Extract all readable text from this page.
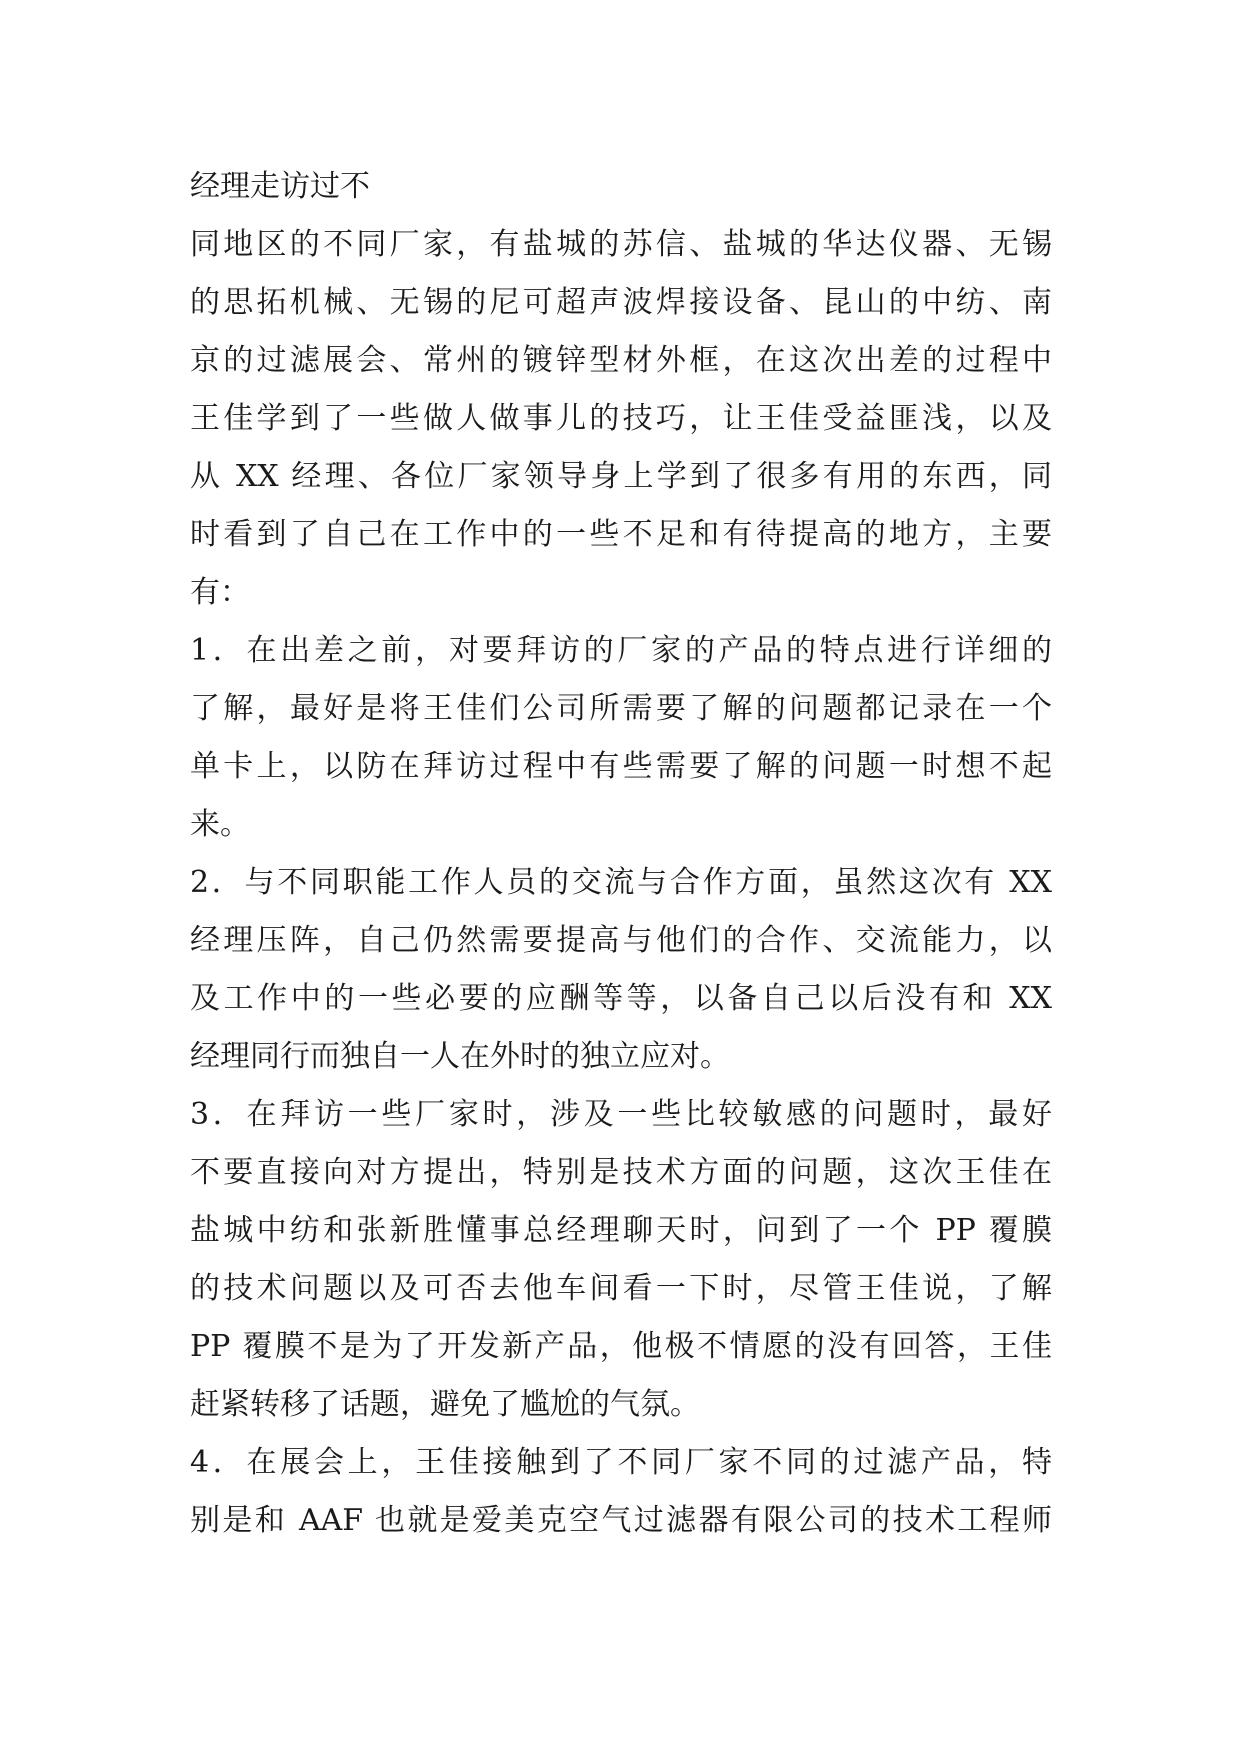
经理走访过不
同地区的不同厂家，有盐城的苏信、盐城的华达仪器、无锡
的思拓机械、无锡的尼可超声波焊接设备、昆山的中纺、南
京的过滤展会、常州的镀锌型材外框，在这次出差的过程中
王佳学到了一些做人做事儿的技巧，让王佳受益匪浅，以及
从 XX 经理、各位厂家领导身上学到了很多有用的东西，同
时看到了自己在工作中的一些不足和有待提高的地方，主要
有：
1．在出差之前，对要拜访的厂家的产品的特点进行详细的
了解，最好是将王佳们公司所需要了解的问题都记录在一个
单卡上，以防在拜访过程中有些需要了解的问题一时想不起
来。
2．与不同职能工作人员的交流与合作方面，虽然这次有 XX
经理压阵，自己仍然需要提高与他们的合作、交流能力，以
及工作中的一些必要的应酬等等，以备自己以后没有和 XX
经理同行而独自一人在外时的独立应对。
3．在拜访一些厂家时，涉及一些比较敏感的问题时，最好
不要直接向对方提出，特别是技术方面的问题，这次王佳在
盐城中纺和张新胜懂事总经理聊天时，问到了一个 PP 覆膜
的技术问题以及可否去他车间看一下时，尽管王佳说，了解
PP 覆膜不是为了开发新产品，他极不情愿的没有回答，王佳
赶紧转移了话题，避免了尴尬的气氛。
4．在展会上，王佳接触到了不同厂家不同的过滤产品，特
别是和 AAF 也就是爱美克空气过滤器有限公司的技术工程师
